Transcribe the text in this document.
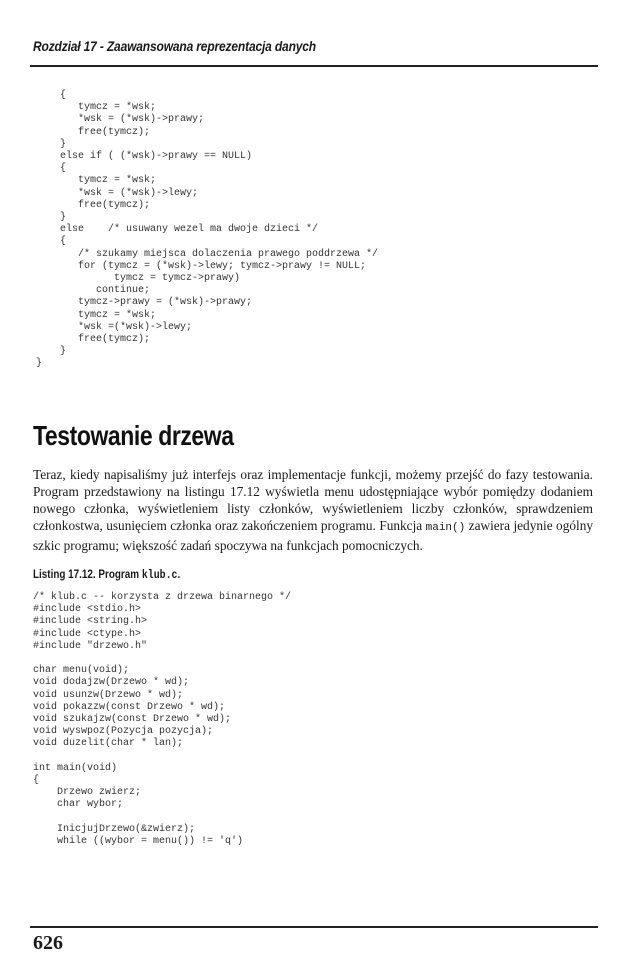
Rozdział 17 - Zaawansowana reprezentacja danych
{
tymcz = *wsk;
*wsk = (*wsk)->prawy;
free(tymcz);
}
else if ( (*wsk)->prawy == NULL)
{
tymcz = *wsk;
*wsk = (*wsk)->lewy;
free(tymcz);
}
else    /* usuwany wezel ma dwoje dzieci */
{
/* szukamy miejsca dolaczenia prawego poddrzewa */
for (tymcz = (*wsk)->lewy; tymcz->prawy != NULL;
tymcz = tymcz->prawy)
continue;
tymcz->prawy = (*wsk)->prawy;
tymcz = *wsk;
*wsk =(*wsk)->lewy;
free(tymcz);
}
}
Testowanie drzewa
Teraz, kiedy napisaliśmy już interfejs oraz implementacje funkcji, możemy przejść do fazy testowania. Program przedstawiony na listingu 17.12 wyświetla menu udostępniające wybór pomiędzy dodaniem nowego członka, wyświetleniem listy członków, wyświetleniem liczby członków, sprawdzeniem członkostwa, usunięciem członka oraz zakończeniem programu. Funkcja main() zawiera jedynie ogólny szkic programu; większość zadań spoczywa na funkcjach pomocniczych.
Listing 17.12. Program klub.c.
/* klub.c -- korzysta z drzewa binarnego */
#include <stdio.h>
#include <string.h>
#include <ctype.h>
#include "drzewo.h"

char menu(void);
void dodajzw(Drzewo * wd);
void usunzw(Drzewo * wd);
void pokazzw(const Drzewo * wd);
void szukajzw(const Drzewo * wd);
void wyswpoz(Pozycja pozycja);
void duzelit(char * lan);

int main(void)
{
Drzewo zwierz;
char wybor;

InicjujDrzewo(&zwierz);
while ((wybor = menu()) != 'q')
626
